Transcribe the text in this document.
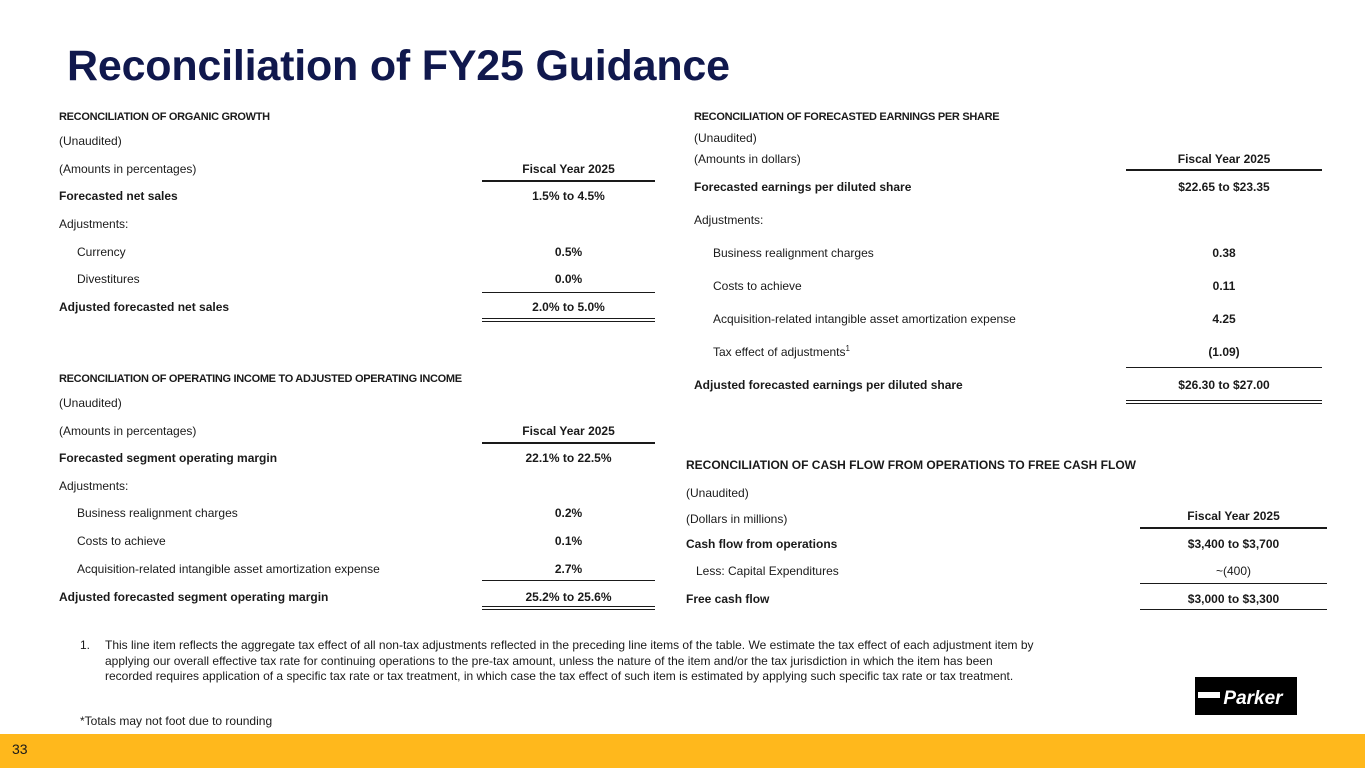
Reconciliation of FY25 Guidance
RECONCILIATION OF ORGANIC GROWTH
(Unaudited)
(Amounts in percentages)	Fiscal Year 2025
Forecasted net sales	1.5% to 4.5%
Adjustments:
Currency	0.5%
Divestitures	0.0%
Adjusted forecasted net sales	2.0% to 5.0%
RECONCILIATION OF OPERATING INCOME TO ADJUSTED OPERATING INCOME
(Unaudited)
(Amounts in percentages)	Fiscal Year 2025
Forecasted segment operating margin	22.1% to 22.5%
Adjustments:
Business realignment charges	0.2%
Costs to achieve	0.1%
Acquisition-related intangible asset amortization expense	2.7%
Adjusted forecasted segment operating margin	25.2% to 25.6%
RECONCILIATION OF FORECASTED EARNINGS PER SHARE
(Unaudited)
(Amounts in dollars)	Fiscal Year 2025
Forecasted earnings per diluted share	$22.65 to $23.35
Adjustments:
Business realignment charges	0.38
Costs to achieve	0.11
Acquisition-related intangible asset amortization expense	4.25
Tax effect of adjustments$^1$	(1.09)
Adjusted forecasted earnings per diluted share	$26.30 to $27.00
RECONCILIATION OF CASH FLOW FROM OPERATIONS TO FREE CASH FLOW
(Unaudited)
(Dollars in millions)	Fiscal Year 2025
Cash flow from operations	$3,400 to $3,700
Less: Capital Expenditures	~(400)
Free cash flow	$3,000 to $3,300
1. This line item reflects the aggregate tax effect of all non-tax adjustments reflected in the preceding line items of the table. We estimate the tax effect of each adjustment item by applying our overall effective tax rate for continuing operations to the pre-tax amount, unless the nature of the item and/or the tax jurisdiction in which the item has been recorded requires application of a specific tax rate or tax treatment, in which case the tax effect of such item is estimated by applying such specific tax rate or tax treatment.
*Totals may not foot due to rounding
Parker
33
